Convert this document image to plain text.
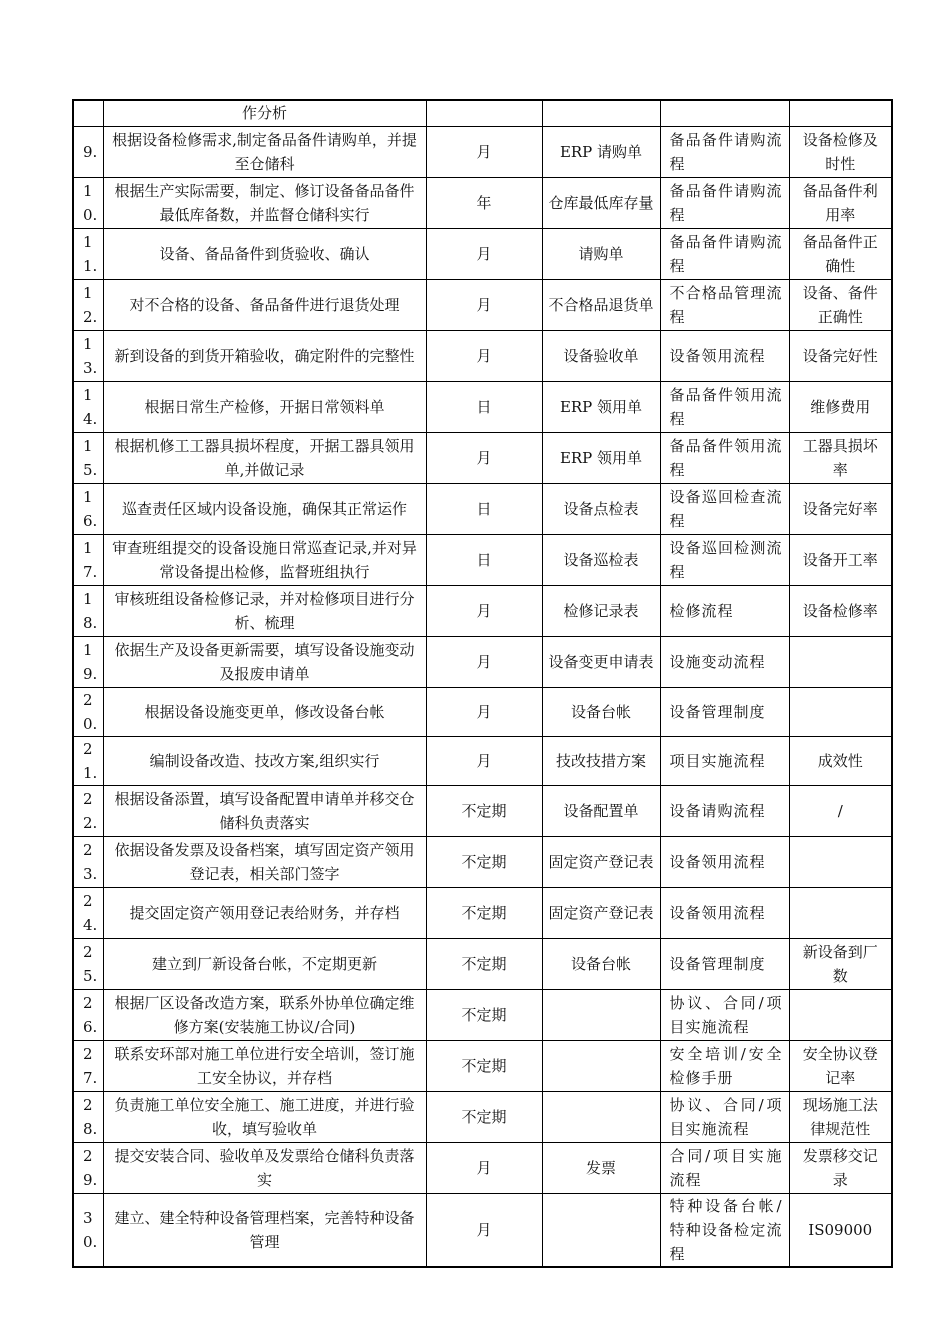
	作分析				
9.	根据设备检修需求,制定备品备件请购单，并提至仓储科	月	ERP 请购单	备品备件请购流程	设备检修及时性
10.	根据生产实际需要，制定、修订设备备品备件最低库备数，并监督仓储科实行	年	仓库最低库存量	备品备件请购流程	备品备件利用率
11.	设备、备品备件到货验收、确认	月	请购单	备品备件请购流程	备品备件正确性
12.	对不合格的设备、备品备件进行退货处理	月	不合格品退货单	不合格品管理流程	设备、备件正确性
13.	新到设备的到货开箱验收，确定附件的完整性	月	设备验收单	设备领用流程	设备完好性
14.	根据日常生产检修，开据日常领料单	日	ERP 领用单	备品备件领用流程	维修费用
15.	根据机修工工器具损坏程度，开据工器具领用单,并做记录	月	ERP 领用单	备品备件领用流程	工器具损坏率
16.	巡查责任区域内设备设施，确保其正常运作	日	设备点检表	设备巡回检查流程	设备完好率
17.	审查班组提交的设备设施日常巡查记录,并对异常设备提出检修，监督班组执行	日	设备巡检表	设备巡回检测流程	设备开工率
18.	审核班组设备检修记录，并对检修项目进行分析、梳理	月	检修记录表	检修流程	设备检修率
19.	依据生产及设备更新需要，填写设备设施变动及报废申请单	月	设备变更申请表	设施变动流程	
20.	根据设备设施变更单，修改设备台帐	月	设备台帐	设备管理制度	
21.	编制设备改造、技改方案,组织实行	月	技改技措方案	项目实施流程	成效性
22.	根据设备添置，填写设备配置申请单并移交仓储科负责落实	不定期	设备配置单	设备请购流程	/
23.	依据设备发票及设备档案，填写固定资产领用登记表，相关部门签字	不定期	固定资产登记表	设备领用流程	
24.	提交固定资产领用登记表给财务，并存档	不定期	固定资产登记表	设备领用流程	
25.	建立到厂新设备台帐，不定期更新	不定期	设备台帐	设备管理制度	新设备到厂数
26.	根据厂区设备改造方案，联系外协单位确定维修方案(安装施工协议/合同)	不定期		协议、合同/项目实施流程	
27.	联系安环部对施工单位进行安全培训，签订施工安全协议，并存档	不定期		安全培训/安全检修手册	安全协议登记率
28.	负责施工单位安全施工、施工进度，并进行验收，填写验收单	不定期		协议、合同/项目实施流程	现场施工法律规范性
29.	提交安装合同、验收单及发票给仓储科负责落实	月	发票	合同/项目实施流程	发票移交记录
30.	建立、建全特种设备管理档案，完善特种设备管理	月		特种设备台帐/特种设备检定流程	IS09000
